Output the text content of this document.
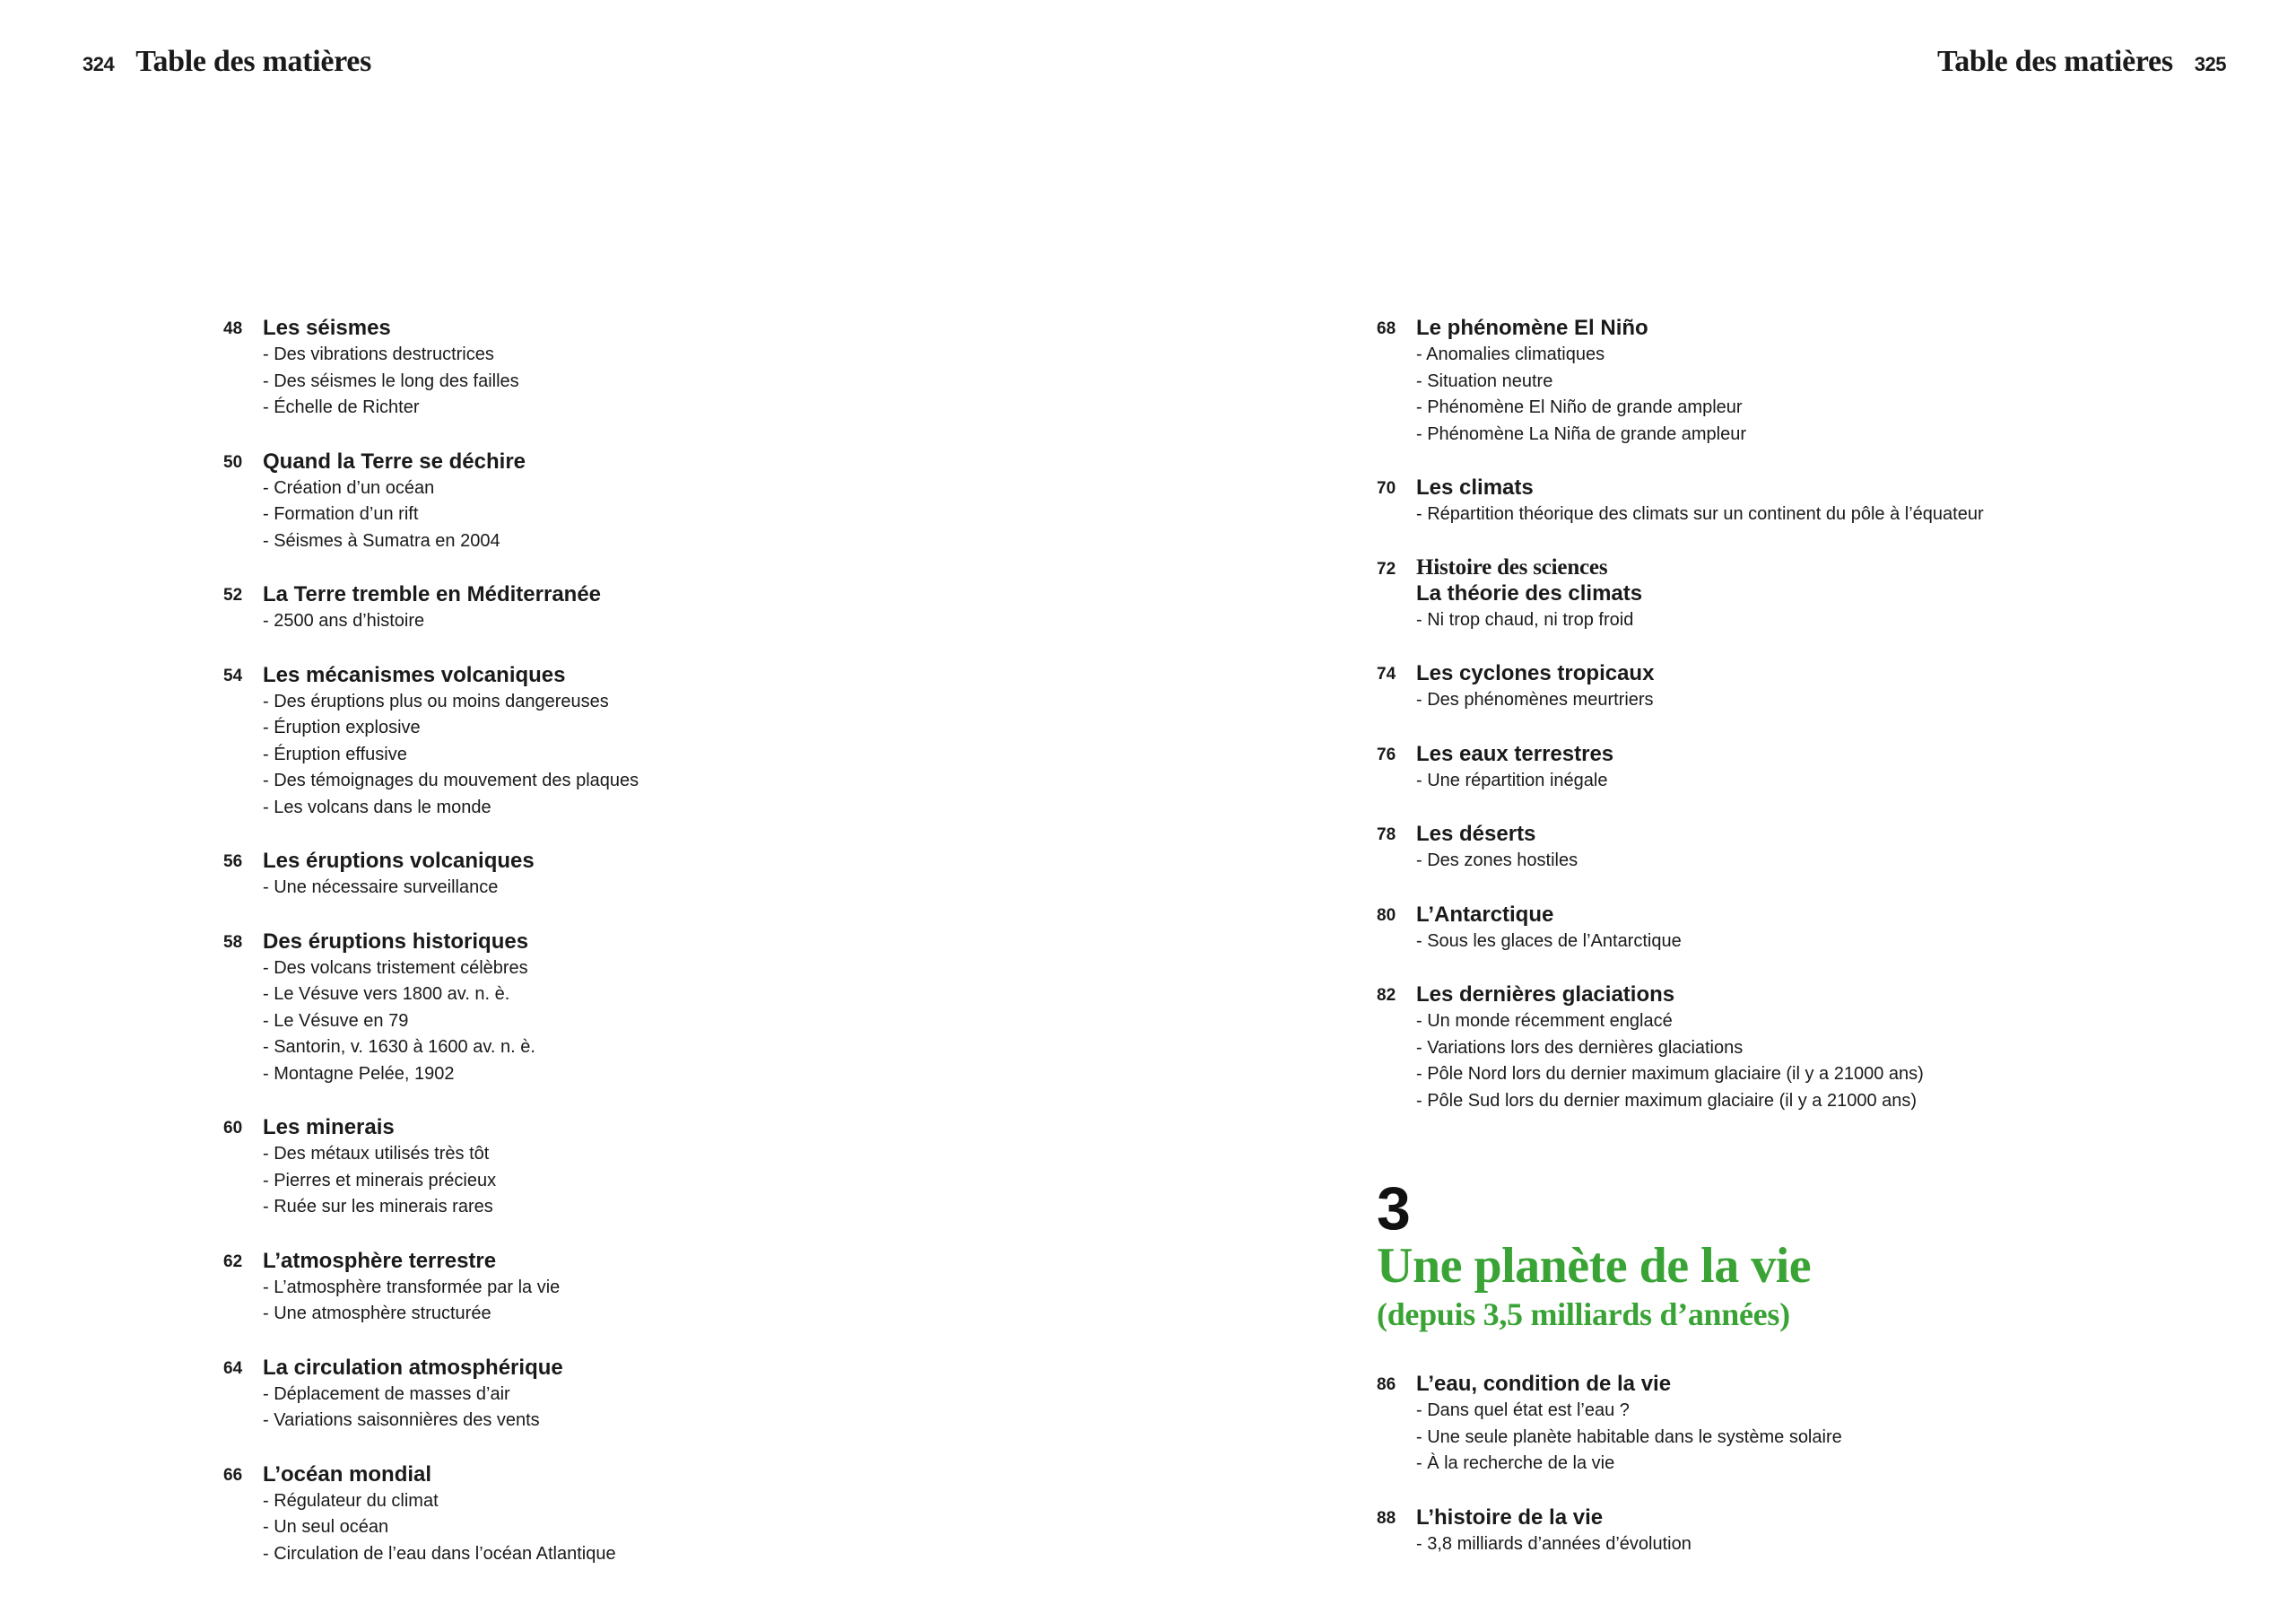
324 Table des matières	Table des matières 325
48 Les séismes
- Des vibrations destructrices
- Des séismes le long des failles
- Échelle de Richter
50 Quand la Terre se déchire
- Création d’un océan
- Formation d’un rift
- Séismes à Sumatra en 2004
52 La Terre tremble en Méditerranée
- 2500 ans d’histoire
54 Les mécanismes volcaniques
- Des éruptions plus ou moins dangereuses
- Éruption explosive
- Éruption effusive
- Des témoignages du mouvement des plaques
- Les volcans dans le monde
56 Les éruptions volcaniques
- Une nécessaire surveillance
58 Des éruptions historiques
- Des volcans tristement célèbres
- Le Vésuve vers 1800 av. n. è.
- Le Vésuve en 79
- Santorin, v. 1630 à 1600 av. n. è.
- Montagne Pelée, 1902
60 Les minerais
- Des métaux utilisés très tôt
- Pierres et minerais précieux
- Ruée sur les minerais rares
62 L’atmosphère terrestre
- L’atmosphère transformée par la vie
- Une atmosphère structurée
64 La circulation atmosphérique
- Déplacement de masses d’air
- Variations saisonnières des vents
66 L’océan mondial
- Régulateur du climat
- Un seul océan
- Circulation de l’eau dans l’océan Atlantique
68 Le phénomène El Niño
- Anomalies climatiques
- Situation neutre
- Phénomène El Niño de grande ampleur
- Phénomène La Niña de grande ampleur
70 Les climats
- Répartition théorique des climats sur un continent du pôle à l’équateur
72 Histoire des sciences
La théorie des climats
- Ni trop chaud, ni trop froid
74 Les cyclones tropicaux
- Des phénomènes meurtriers
76 Les eaux terrestres
- Une répartition inégale
78 Les déserts
- Des zones hostiles
80 L’Antarctique
- Sous les glaces de l’Antarctique
82 Les dernières glaciations
- Un monde récemment englacé
- Variations lors des dernières glaciations
- Pôle Nord lors du dernier maximum glaciaire (il y a 21000 ans)
- Pôle Sud lors du dernier maximum glaciaire (il y a 21000 ans)
3
Une planète de la vie
(depuis 3,5 milliards d’années)
86 L’eau, condition de la vie
- Dans quel état est l’eau ?
- Une seule planète habitable dans le système solaire
- À la recherche de la vie
88 L’histoire de la vie
- 3,8 milliards d’années d’évolution
